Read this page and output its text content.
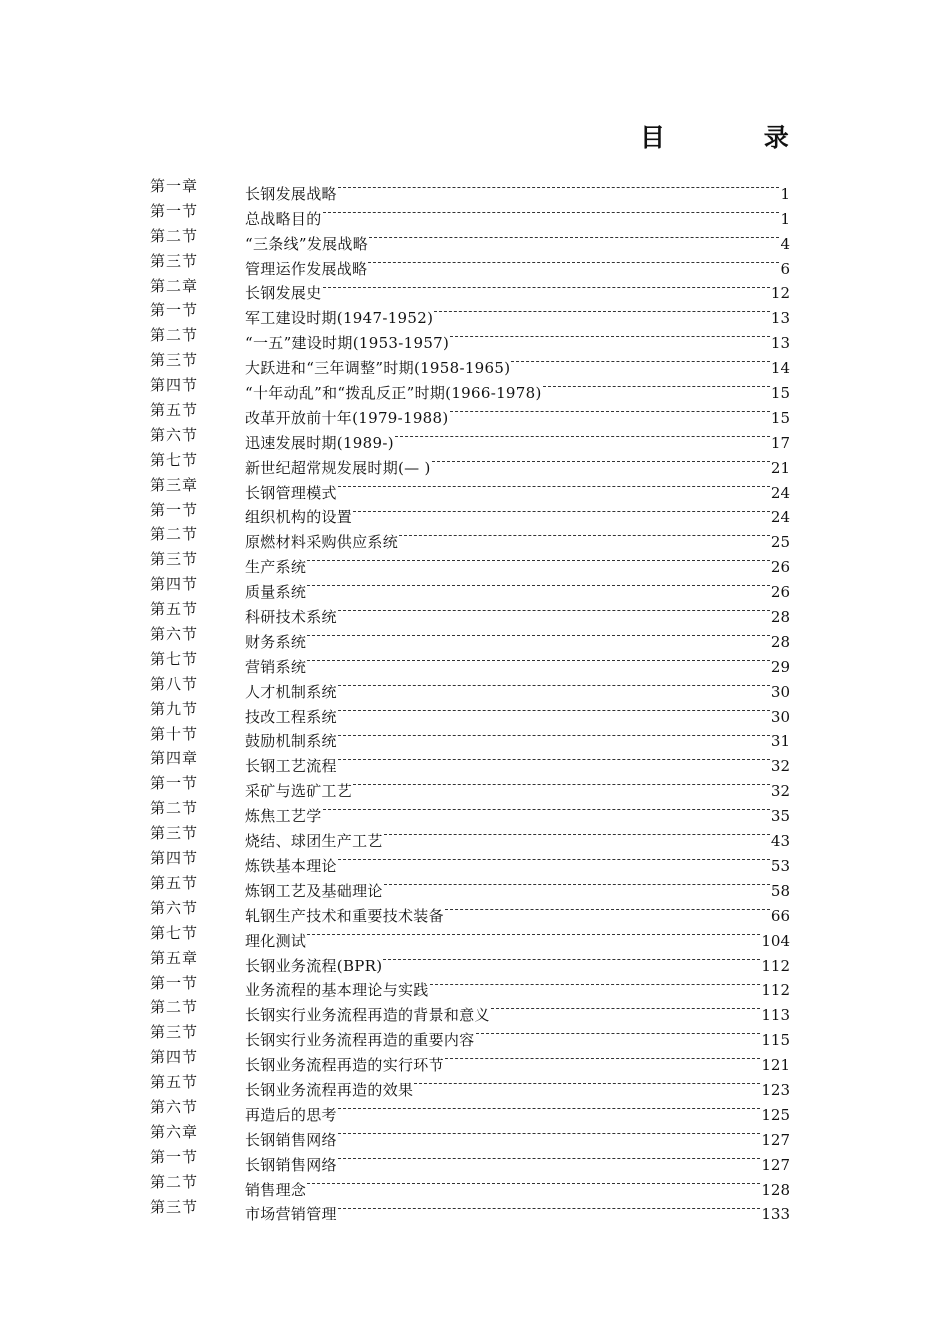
目 录
第一章	长钢发展战略	1
第一节	总战略目的	1
第二节	“三条线”发展战略	4
第三节	管理运作发展战略	6
第二章	长钢发展史	12
第一节	军工建设时期(1947-1952)	13
第二节	“一五”建设时期(1953-1957)	13
第三节	大跃进和“三年调整”时期(1958-1965)	14
第四节	“十年动乱”和“拨乱反正”时期(1966-1978)	15
第五节	改革开放前十年(1979-1988)	15
第六节	迅速发展时期(1989-)	17
第七节	新世纪超常规发展时期(— )	21
第三章	长钢管理模式	24
第一节	组织机构的设置	24
第二节	原燃材料采购供应系统	25
第三节	生产系统	26
第四节	质量系统	26
第五节	科研技术系统	28
第六节	财务系统	28
第七节	营销系统	29
第八节	人才机制系统	30
第九节	技改工程系统	30
第十节	鼓励机制系统	31
第四章	长钢工艺流程	32
第一节	采矿与选矿工艺	32
第二节	炼焦工艺学	35
第三节	烧结、球团生产工艺	43
第四节	炼铁基本理论	53
第五节	炼钢工艺及基础理论	58
第六节	轧钢生产技术和重要技术装备	66
第七节	理化测试	104
第五章	长钢业务流程(BPR)	112
第一节	业务流程的基本理论与实践	112
第二节	长钢实行业务流程再造的背景和意义	113
第三节	长钢实行业务流程再造的重要内容	115
第四节	长钢业务流程再造的实行环节	121
第五节	长钢业务流程再造的效果	123
第六节	再造后的思考	125
第六章	长钢销售网络	127
第一节	长钢销售网络	127
第二节	销售理念	128
第三节	市场营销管理	133
